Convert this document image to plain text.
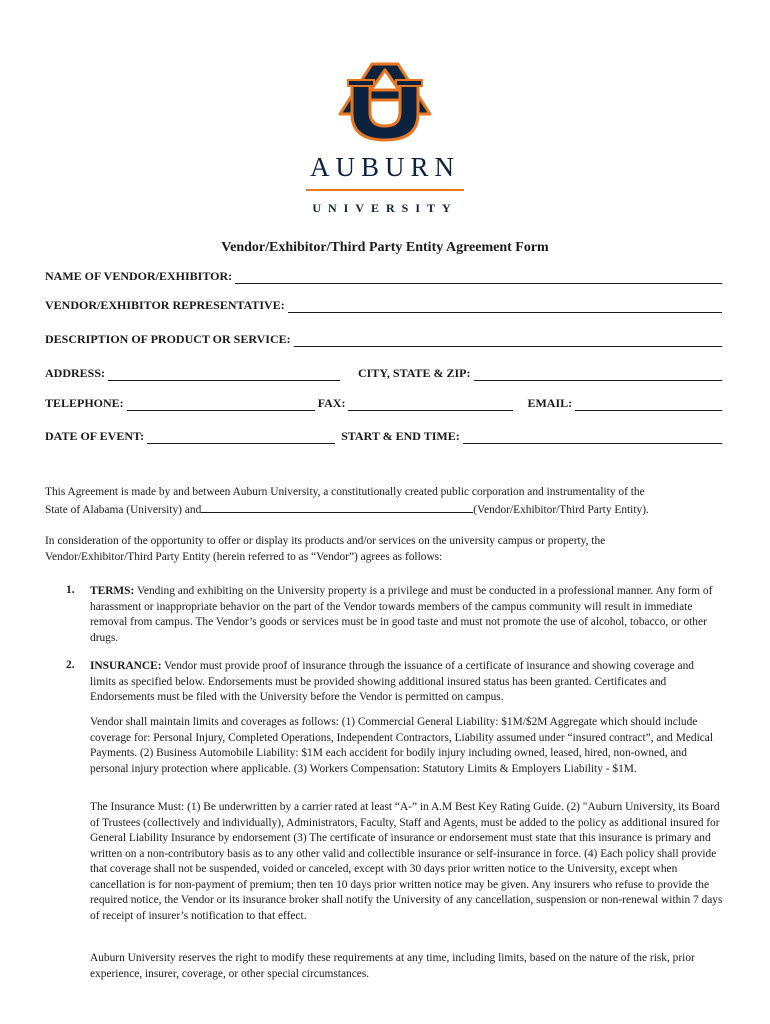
AUBURN
UNIVERSITY
Vendor/Exhibitor/Third Party Entity Agreement Form
NAME OF VENDOR/EXHIBITOR:
VENDOR/EXHIBITOR REPRESENTATIVE:
DESCRIPTION OF PRODUCT OR SERVICE:
ADDRESS:	CITY, STATE & ZIP:
TELEPHONE:	FAX:	EMAIL:
DATE OF EVENT:	START & END TIME:
This Agreement is made by and between Auburn University, a constitutionally created public corporation and instrumentality of the
State of Alabama (University) and	(Vendor/Exhibitor/Third Party Entity).
In consideration of the opportunity to offer or display its products and/or services on the university campus or property, the Vendor/Exhibitor/Third Party Entity (herein referred to as “Vendor”) agrees as follows:
1. TERMS: Vending and exhibiting on the University property is a privilege and must be conducted in a professional manner. Any form of harassment or inappropriate behavior on the part of the Vendor towards members of the campus community will result in immediate removal from campus. The Vendor’s goods or services must be in good taste and must not promote the use of alcohol, tobacco, or other drugs.
2. INSURANCE: Vendor must provide proof of insurance through the issuance of a certificate of insurance and showing coverage and limits as specified below. Endorsements must be provided showing additional insured status has been granted. Certificates and Endorsements must be filed with the University before the Vendor is permitted on campus.
Vendor shall maintain limits and coverages as follows: (1) Commercial General Liability: $1M/$2M Aggregate which should include coverage for: Personal Injury, Completed Operations, Independent Contractors, Liability assumed under “insured contract”, and Medical Payments. (2) Business Automobile Liability: $1M each accident for bodily injury including owned, leased, hired, non-owned, and personal injury protection where applicable. (3) Workers Compensation: Statutory Limits & Employers Liability - $1M.
The Insurance Must: (1) Be underwritten by a carrier rated at least “A-” in A.M Best Key Rating Guide. (2) "Auburn University, its Board of Trustees (collectively and individually), Administrators, Faculty, Staff and Agents, must be added to the policy as additional insured for General Liability Insurance by endorsement (3) The certificate of insurance or endorsement must state that this insurance is primary and written on a non-contributory basis as to any other valid and collectible insurance or self-insurance in force. (4) Each policy shall provide that coverage shall not be suspended, voided or canceled, except with 30 days prior written notice to the University, except when cancellation is for non-payment of premium; then ten 10 days prior written notice may be given. Any insurers who refuse to provide the required notice, the Vendor or its insurance broker shall notify the University of any cancellation, suspension or non-renewal within 7 days of receipt of insurer’s notification to that effect.
Auburn University reserves the right to modify these requirements at any time, including limits, based on the nature of the risk, prior experience, insurer, coverage, or other special circumstances.
